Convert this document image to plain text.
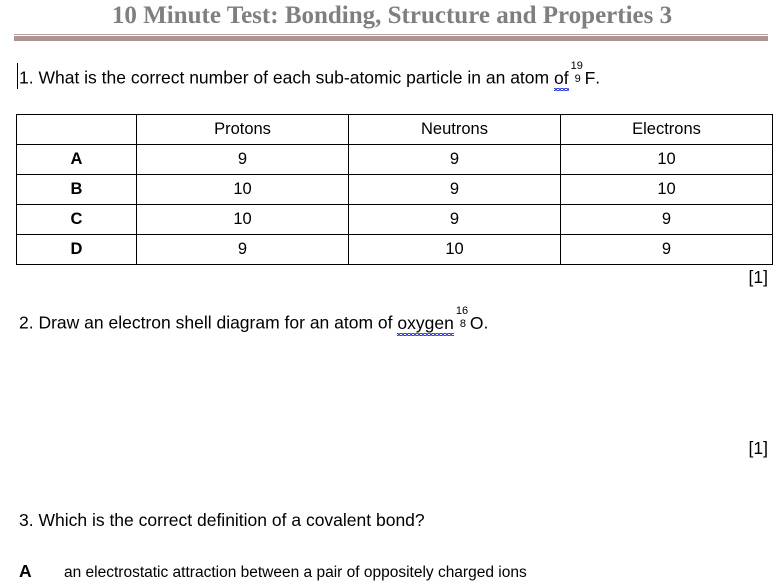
10 Minute Test: Bonding, Structure and Properties 3
1. What is the correct number of each sub-atomic particle in an atom of
19
9 F.
	Protons	Neutrons	Electrons
A	9	9	10
B	10	9	10
C	10	9	9
D	9	10	9
[1]
2. Draw an electron shell diagram for an atom of oxygen
16
8 O.
[1]
3. Which is the correct definition of a covalent bond?
A an electrostatic attraction between a pair of oppositely charged ions
